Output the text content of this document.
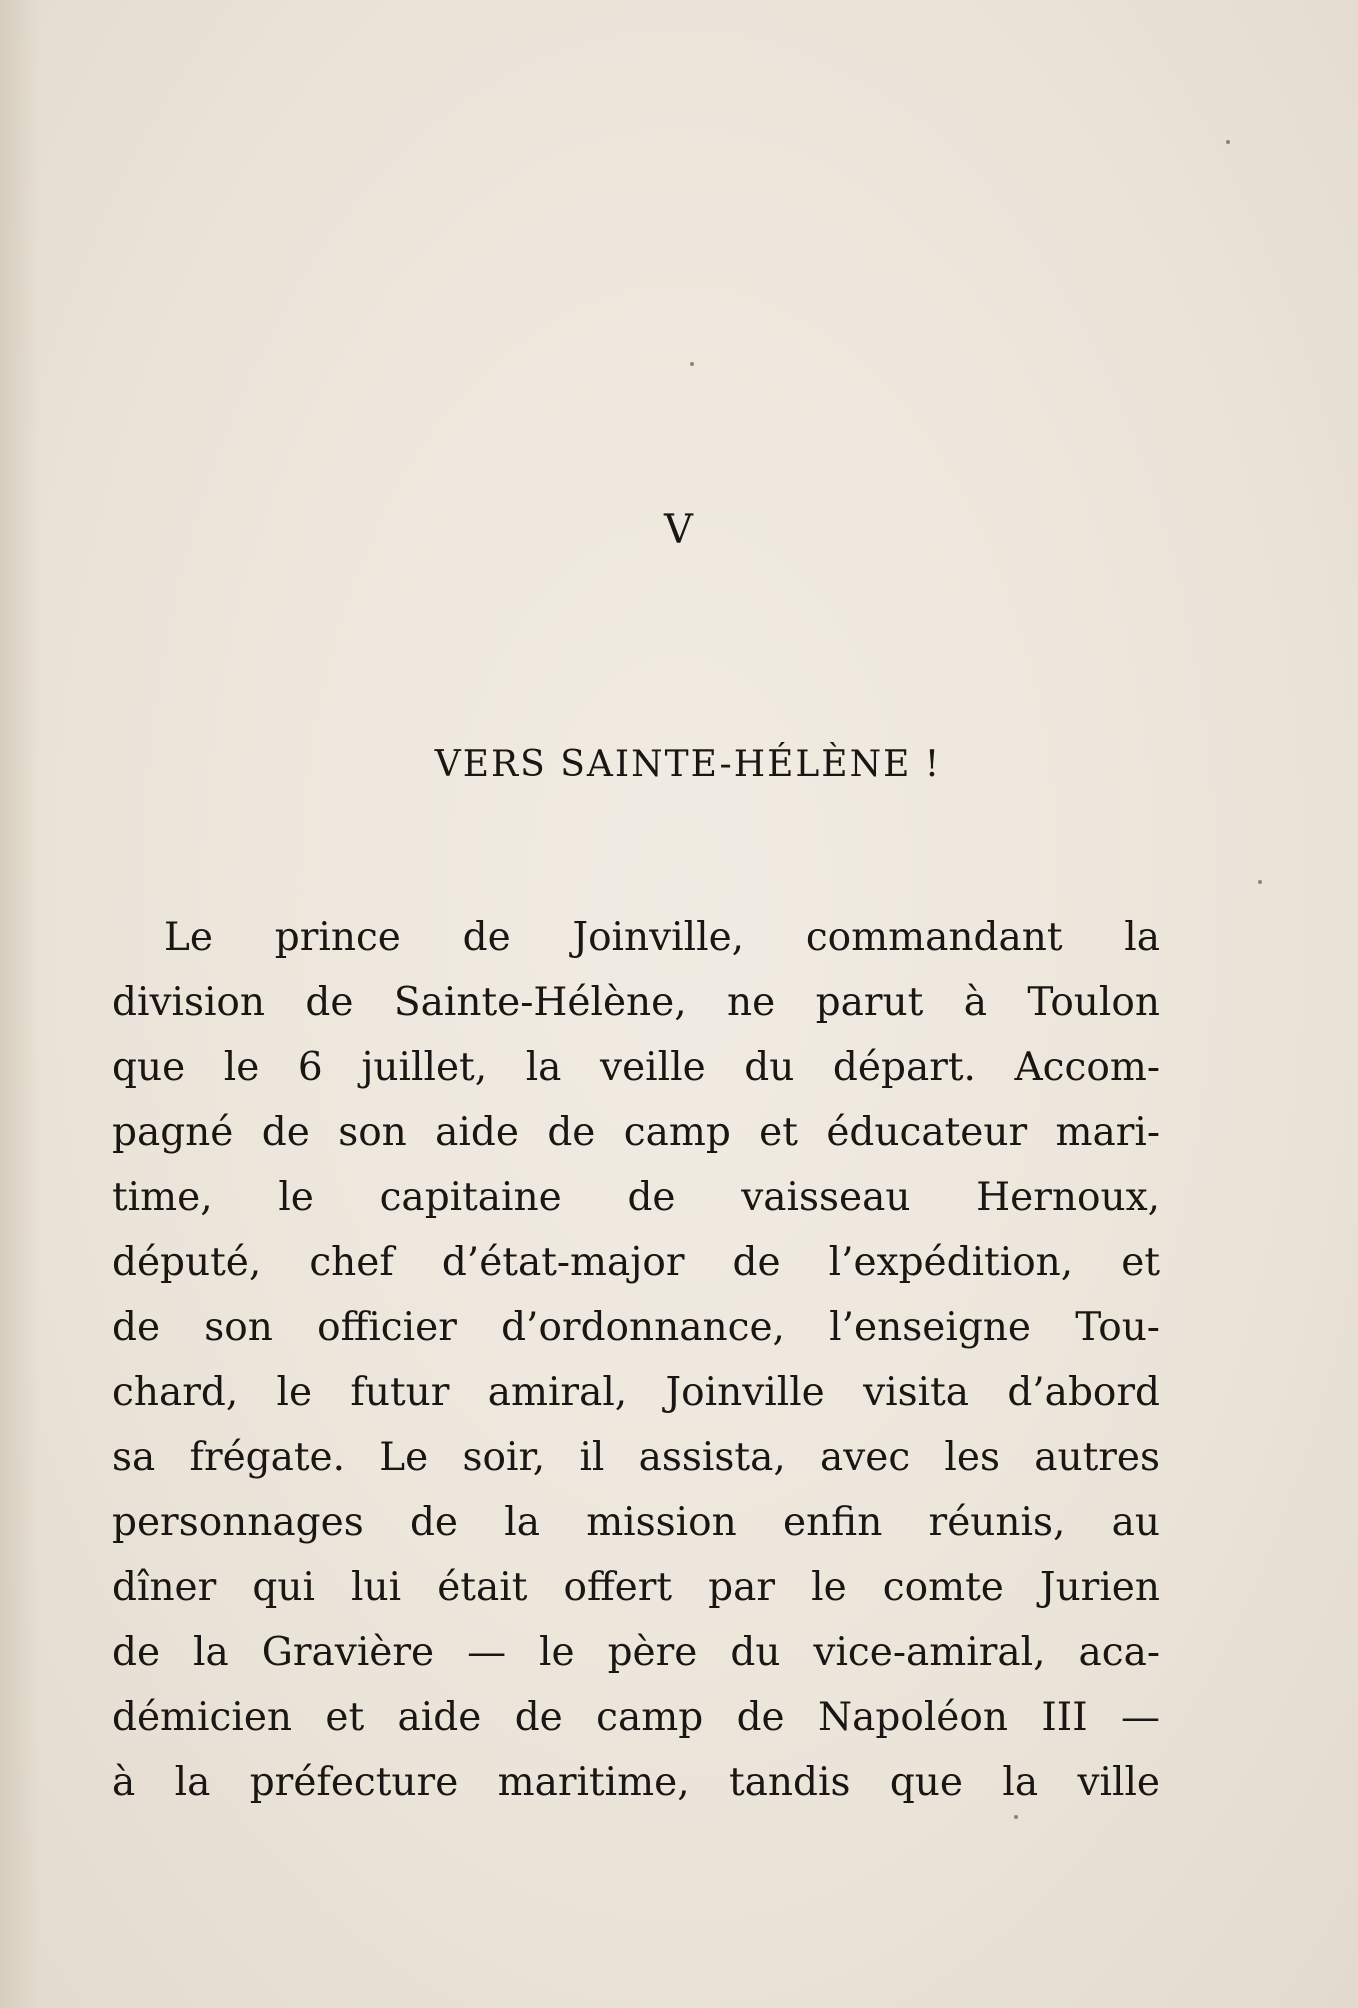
V
VERS SAINTE-HÉLÈNE !
Le prince de Joinville, commandant la
division de Sainte-Hélène, ne parut à Toulon
que le 6 juillet, la veille du départ. Accom-
pagné de son aide de camp et éducateur mari-
time, le capitaine de vaisseau Hernoux,
député, chef d’état-major de l’expédition, et
de son officier d’ordonnance, l’enseigne Tou-
chard, le futur amiral, Joinville visita d’abord
sa frégate. Le soir, il assista, avec les autres
personnages de la mission enfin réunis, au
dîner qui lui était offert par le comte Jurien
de la Gravière — le père du vice-amiral, aca-
démicien et aide de camp de Napoléon III —
à la préfecture maritime, tandis que la ville
